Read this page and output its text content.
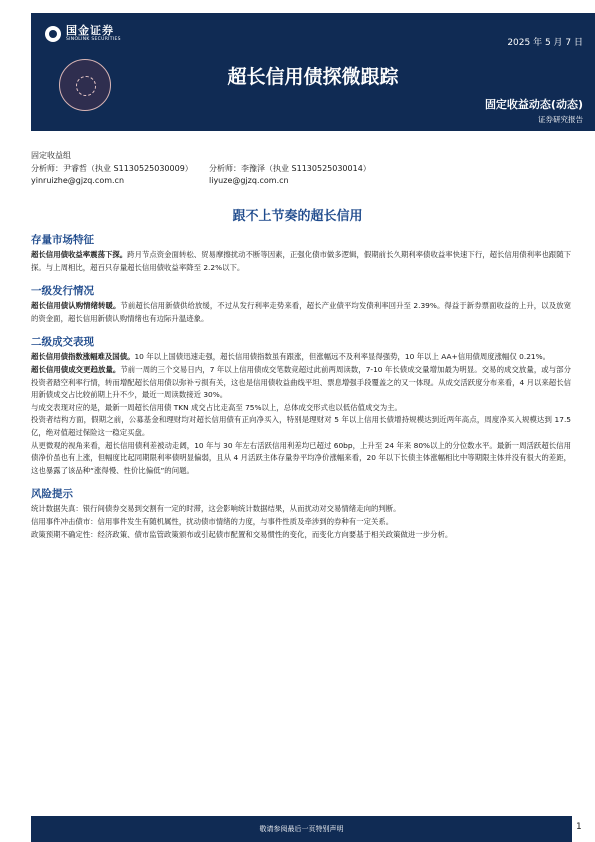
国金证券
SINOLINK SECURITIES	2025 年 5 月 7 日
超长信用债探微跟踪
固定收益动态(动态)
证券研究报告
固定收益组
分析师：尹睿哲（执业 S1130525030009）	分析师：李豫泽（执业 S1130525030014）
yinruizhe@gjzq.com.cn	liyuze@gjzq.com.cn
跟不上节奏的超长信用
存量市场特征

超长信用债收益率震荡下探。跨月节点资金面转松、贸易摩擦扰动不断等因素，正强化债市做多逻辑，假期前长久期利率债收益率快速下行，超长信用债利率也跟随下探。与上周相比，超百只存量超长信用债收益率降至 2.2%以下。

一级发行情况

超长信用债认购情绪转暖。节前超长信用新债供给放缓，不过从发行利率走势来看，超长产业债平均发债利率回升至 2.39%。得益于新券票面收益的上升，以及放宽的资金面，超长信用新债认购情绪也有边际升温迹象。

二级成交表现

超长信用债指数涨幅难及国债。10 年以上国债迅速走强，超长信用债指数虽有跟涨，但涨幅远不及利率显得强势，10 年以上 AA+信用债周度涨幅仅 0.21%。

超长信用债成交更趋放量。节前一周的三个交易日内，7 年以上信用债成交笔数竞超过此前两周读数，7-10 年长债成交量增加最为明显。交易的成交放量，或与部分投资者踏空利率行情，转而增配超长信用债以弥补亏损有关，这也是信用债收益曲线平坦、票息增强手段覆盖之的又一体现。从成交活跃度分布来看，4 月以来超长信用新债成交占比较前期上升不少，最近一周读数接近 30%。

与成交表现对应的是，最新一周超长信用债 TKN 成交占比走高至 75%以上，总体成交形式也以低估值成交为主。

投资者结构方面，假期之前，公募基金和理财均对超长信用债有正向净买入，特别是理财对 5 年以上信用长债增持规模达到近两年高点，周度净买入规模达到 17.5 亿，绝对值超过保险这一稳定买盘。

从更微观的视角来看，超长信用债利差被动走阔，10 年与 30 年左右活跃信用利差均已超过 60bp，上升至 24 年来 80%以上的分位数水平。最新一周活跃超长信用债净价虽也有上涨，但幅度比起同期限利率债明显偏弱，且从 4 月活跃主体存量券平均净价涨幅来看，20 年以下长债主体涨幅相比中等期限主体并没有很大的差距，这也暴露了该品种“涨得慢、性价比偏低”的问题。

风险提示

统计数据失真：银行间债券交易到交割有一定的时滞，这会影响统计数据结果，从而扰动对交易情绪走向的判断。

信用事件冲击债市：信用事件发生有随机属性，扰动债市情绪的力度，与事件性质及牵涉到的券种有一定关系。

政策预期不确定性：经济政策、债市监管政策颁布或引起债市配置和交易惯性的变化，而变化方向要基于相关政策做进一步分析。

敬请参阅最后一页特别声明	1
